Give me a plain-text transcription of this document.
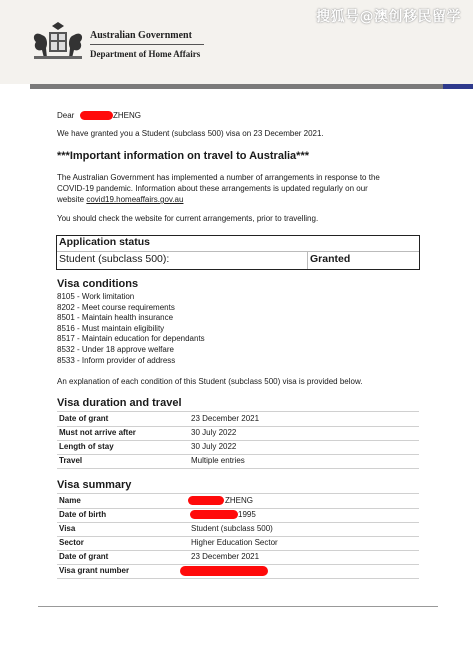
Australian Government
Department of Home Affairs
搜狐号@澳创移民留学
Dear	ZHENG
We have granted you a Student (subclass 500) visa on 23 December 2021.
***Important information on travel to Australia***
The Australian Government has implemented a number of arrangements in response to the
COVID-19 pandemic. Information about these arrangements is updated regularly on our
website covid19.homeaffairs.gov.au
You should check the website for current arrangements, prior to travelling.
Application status
Student (subclass 500):	Granted
Visa conditions
8105 - Work limitation
8202 - Meet course requirements
8501 - Maintain health insurance
8516 - Must maintain eligibility
8517 - Maintain education for dependants
8532 - Under 18 approve welfare
8533 - Inform provider of address
An explanation of each condition of this Student (subclass 500) visa is provided below.
Visa duration and travel
Date of grant	23 December 2021
Must not arrive after	30 July 2022
Length of stay	30 July 2022
Travel	Multiple entries
Visa summary
Name	ZHENG
Date of birth	1995
Visa	Student (subclass 500)
Sector	Higher Education Sector
Date of grant	23 December 2021
Visa grant number
